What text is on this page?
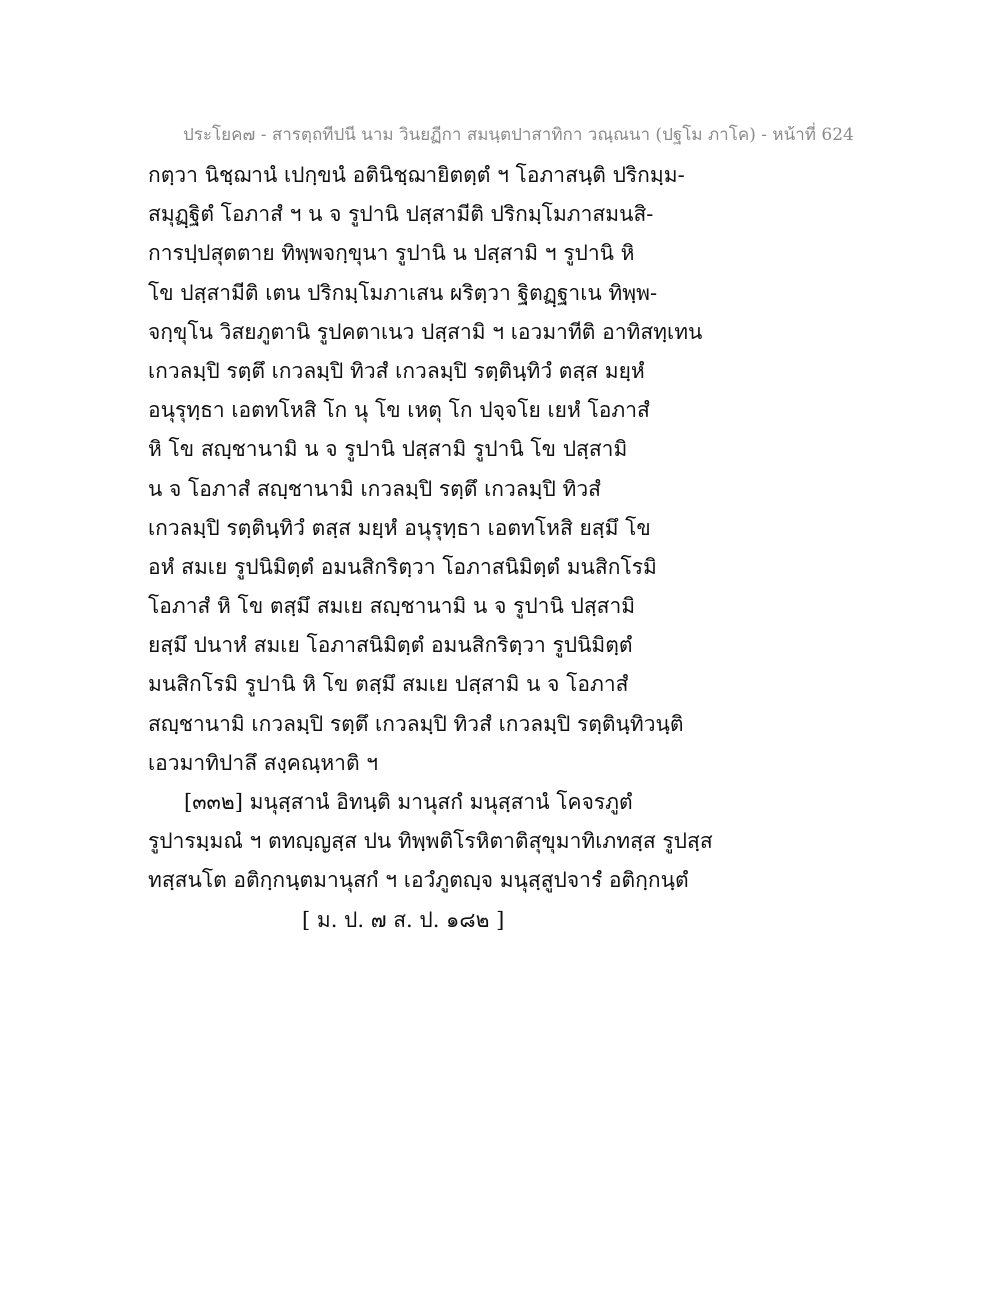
ประโยค๗ - สารตฺถทีปนี นาม วินยฏีกา สมนฺตปาสาทิกา วณฺณนา (ปฐโม ภาโค) - หน้าที่ 624
กตฺวา นิชฺฌานํ เปกฺขนํ อตินิชฺฌายิตตฺตํ ฯ โอภาสนฺติ ปริกมฺม-
สมุฏฺฐิตํ โอภาสํ ฯ น จ รูปานิ ปสฺสามีติ ปริกมฺโมภาสมนสิ-
การปฺปสุตตาย ทิพฺพจกฺขุนา รูปานิ น ปสฺสามิ ฯ รูปานิ หิ
โข ปสฺสามีติ เตน ปริกมฺโมภาเสน ผริตฺวา ฐิตฏฺฐาเน ทิพฺพ-
จกฺขุโน วิสยภูตานิ รูปคตาเนว ปสฺสามิ ฯ เอวมาทีติ อาทิสทฺเทน
เกวลมฺปิ รตฺตึ เกวลมฺปิ ทิวสํ เกวลมฺปิ รตฺตินฺทิวํ ตสฺส มยฺหํ
อนุรุทฺธา เอตทโหสิ โก นุ โข เหตุ โก ปจฺจโย เยหํ โอภาสํ
หิ โข สญฺชานามิ น จ รูปานิ ปสฺสามิ รูปานิ โข ปสฺสามิ
น จ โอภาสํ สญฺชานามิ เกวลมฺปิ รตฺตึ เกวลมฺปิ ทิวสํ
เกวลมฺปิ รตฺตินฺทิวํ ตสฺส มยฺหํ อนุรุทฺธา เอตทโหสิ ยสฺมึ โข
อหํ สมเย รูปนิมิตฺตํ อมนสิกริตฺวา โอภาสนิมิตฺตํ มนสิกโรมิ
โอภาสํ หิ โข ตสฺมึ สมเย สญฺชานามิ น จ รูปานิ ปสฺสามิ
ยสฺมึ ปนาหํ สมเย โอภาสนิมิตฺตํ อมนสิกริตฺวา รูปนิมิตฺตํ
มนสิกโรมิ รูปานิ หิ โข ตสฺมึ สมเย ปสฺสามิ น จ โอภาสํ
สญฺชานามิ เกวลมฺปิ รตฺตึ เกวลมฺปิ ทิวสํ เกวลมฺปิ รตฺตินฺทิวนฺติ
เอวมาทิปาลึ สงฺคณฺหาติ ฯ
[๓๓๒] มนุสฺสานํ อิทนฺติ มานุสกํ มนุสฺสานํ โคจรภูตํ
รูปารมฺมณํ ฯ ตทญฺญสฺส ปน ทิพฺพติโรหิตาติสุขุมาทิเภทสฺส รูปสฺส
ทสฺสนโต อติกฺกนฺตมานุสกํ ฯ เอวํภูตญฺจ มนุสฺสูปจารํ อติกฺกนฺตํ
[ ม. ป. ๗ ส. ป. ๑๘๒ ]
